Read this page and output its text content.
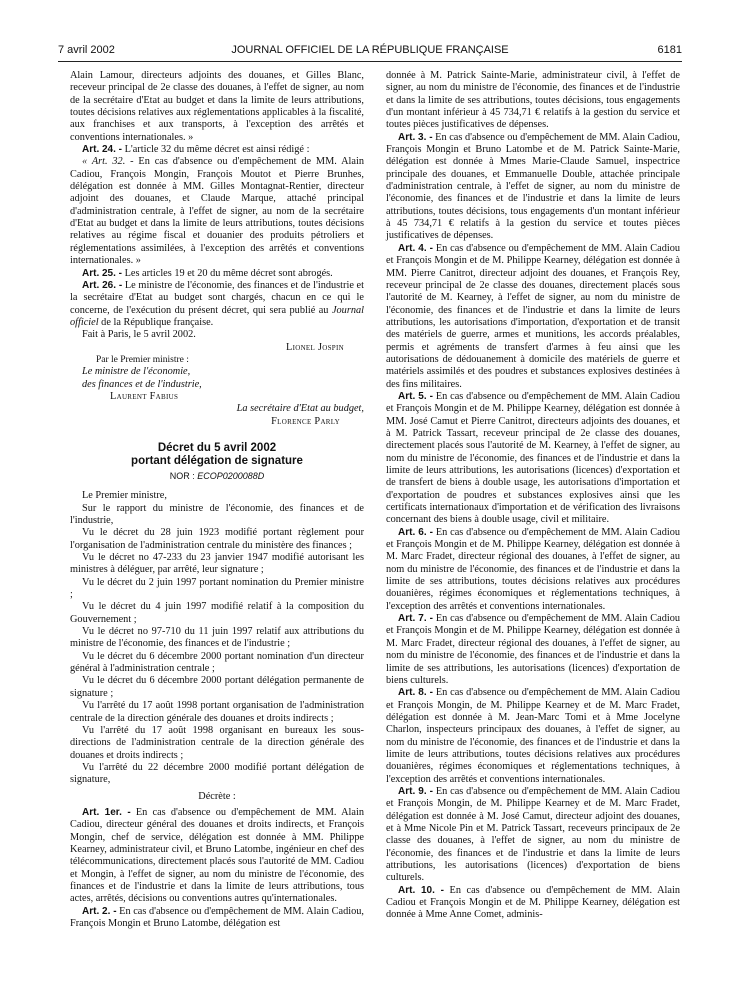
7 avril 2002	JOURNAL OFFICIEL DE LA RÉPUBLIQUE FRANÇAISE	6181

Alain Lamour, directeurs adjoints des douanes, et Gilles Blanc, receveur principal de 2e classe des douanes, à l'effet de signer, au nom de la secrétaire d'Etat au budget et dans la limite de leurs attributions, toutes décisions relatives aux réglementations applicables à la fiscalité, aux franchises et aux transports, à l'exception des arrêtés et conventions internationales. »

Art. 24. - L'article 32 du même décret est ainsi rédigé :

« Art. 32. - En cas d'absence ou d'empêchement de MM. Alain Cadiou, François Mongin, François Moutot et Pierre Brunhes, délégation est donnée à MM. Gilles Montagnat-Rentier, directeur adjoint des douanes, et Claude Marque, attaché principal d'administration centrale, à l'effet de signer, au nom de la secrétaire d'Etat au budget et dans la limite de leurs attributions, toutes décisions relatives au régime fiscal et douanier des produits pétroliers et réglementations assimilées, à l'exception des arrêtés et conventions internationales. »

Art. 25. - Les articles 19 et 20 du même décret sont abrogés.

Art. 26. - Le ministre de l'économie, des finances et de l'industrie et la secrétaire d'Etat au budget sont chargés, chacun en ce qui le concerne, de l'exécution du présent décret, qui sera publié au Journal officiel de la République française.

Fait à Paris, le 5 avril 2002.

Lionel Jospin

Par le Premier ministre :

Le ministre de l'économie,

des finances et de l'industrie,

Laurent Fabius

La secrétaire d'Etat au budget,

Florence Parly

Décret du 5 avril 2002
portant délégation de signature
NOR : ECOP0200088D

Le Premier ministre,

Sur le rapport du ministre de l'économie, des finances et de l'industrie,

Vu le décret du 28 juin 1923 modifié portant règlement pour l'organisation de l'administration centrale du ministère des finances ;

Vu le décret no 47-233 du 23 janvier 1947 modifié autorisant les ministres à déléguer, par arrêté, leur signature ;

Vu le décret du 2 juin 1997 portant nomination du Premier ministre ;

Vu le décret du 4 juin 1997 modifié relatif à la composition du Gouvernement ;

Vu le décret no 97-710 du 11 juin 1997 relatif aux attributions du ministre de l'économie, des finances et de l'industrie ;

Vu le décret du 6 décembre 2000 portant nomination d'un directeur général à l'administration centrale ;

Vu le décret du 6 décembre 2000 portant délégation permanente de signature ;

Vu l'arrêté du 17 août 1998 portant organisation de l'administration centrale de la direction générale des douanes et droits indirects ;

Vu l'arrêté du 17 août 1998 organisant en bureaux les sous-directions de l'administration centrale de la direction générale des douanes et droits indirects ;

Vu l'arrêté du 22 décembre 2000 modifié portant délégation de signature,

Décrète :

Art. 1er. - En cas d'absence ou d'empêchement de MM. Alain Cadiou, directeur général des douanes et droits indirects, et François Mongin, chef de service, délégation est donnée à MM. Philippe Kearney, administrateur civil, et Bruno Latombe, ingénieur en chef des télécommunications, directement placés sous l'autorité de MM. Cadiou et Mongin, à l'effet de signer, au nom du ministre de l'économie, des finances et de l'industrie et dans la limite de leurs attributions, tous actes, arrêtés, décisions ou conventions autres qu'internationales.

Art. 2. - En cas d'absence ou d'empêchement de MM. Alain Cadiou, François Mongin et Bruno Latombe, délégation est

donnée à M. Patrick Sainte-Marie, administrateur civil, à l'effet de signer, au nom du ministre de l'économie, des finances et de l'industrie et dans la limite de ses attributions, toutes décisions, tous engagements d'un montant inférieur à 45 734,71 € relatifs à la gestion du service et toutes pièces justificatives de dépenses.

Art. 3. - En cas d'absence ou d'empêchement de MM. Alain Cadiou, François Mongin et Bruno Latombe et de M. Patrick Sainte-Marie, délégation est donnée à Mmes Marie-Claude Samuel, inspectrice principale des douanes, et Emmanuelle Double, attachée principale d'administration centrale, à l'effet de signer, au nom du ministre de l'économie, des finances et de l'industrie et dans la limite de leurs attributions, toutes décisions, tous engagements d'un montant inférieur à 45 734,71 € relatifs à la gestion du service et toutes pièces justificatives de dépenses.

Art. 4. - En cas d'absence ou d'empêchement de MM. Alain Cadiou et François Mongin et de M. Philippe Kearney, délégation est donnée à MM. Pierre Canitrot, directeur adjoint des douanes, et François Rey, receveur principal de 2e classe des douanes, directement placés sous l'autorité de M. Kearney, à l'effet de signer, au nom du ministre de l'économie, des finances et de l'industrie et dans la limite de leurs attributions, les autorisations d'importation, d'exportation et de transit des matériels de guerre, armes et munitions, les accords préalables, permis et agréments de transfert d'armes à feu ainsi que les autorisations de dédouanement à domicile des matériels de guerre et matériels assimilés et des poudres et substances explosives destinées à des fins militaires.

Art. 5. - En cas d'absence ou d'empêchement de MM. Alain Cadiou et François Mongin et de M. Philippe Kearney, délégation est donnée à MM. José Camut et Pierre Canitrot, directeurs adjoints des douanes, et à M. Patrick Tassart, receveur principal de 2e classe des douanes, directement placés sous l'autorité de M. Kearney, à l'effet de signer, au nom du ministre de l'économie, des finances et de l'industrie et dans la limite de leurs attributions, les autorisations (licences) d'exportation et de transfert de biens à double usage, les autorisations d'importation et d'exportation de poudres et substances explosives ainsi que les certificats internationaux d'importation et de vérification des livraisons concernant des biens à double usage, civil et militaire.

Art. 6. - En cas d'absence ou d'empêchement de MM. Alain Cadiou et François Mongin et de M. Philippe Kearney, délégation est donnée à M. Marc Fradet, directeur régional des douanes, à l'effet de signer, au nom du ministre de l'économie, des finances et de l'industrie et dans la limite de ses attributions, toutes décisions relatives aux procédures douanières, régimes économiques et réglementations techniques, à l'exception des arrêtés et conventions internationales.

Art. 7. - En cas d'absence ou d'empêchement de MM. Alain Cadiou et François Mongin et de M. Philippe Kearney, délégation est donnée à M. Marc Fradet, directeur régional des douanes, à l'effet de signer, au nom du ministre de l'économie, des finances et de l'industrie et dans la limite de ses attributions, les autorisations (licences) d'exportation de biens culturels.

Art. 8. - En cas d'absence ou d'empêchement de MM. Alain Cadiou et François Mongin, de M. Philippe Kearney et de M. Marc Fradet, délégation est donnée à M. Jean-Marc Tomi et à Mme Jocelyne Charlon, inspecteurs principaux des douanes, à l'effet de signer, au nom du ministre de l'économie, des finances et de l'industrie et dans la limite de leurs attributions, toutes décisions relatives aux procédures douanières, régimes économiques et réglementations techniques, à l'exception des arrêtés et conventions internationales.

Art. 9. - En cas d'absence ou d'empêchement de MM. Alain Cadiou et François Mongin, de M. Philippe Kearney et de M. Marc Fradet, délégation est donnée à M. José Camut, directeur adjoint des douanes, et à Mme Nicole Pin et M. Patrick Tassart, receveurs principaux de 2e classe des douanes, à l'effet de signer, au nom du ministre de l'économie, des finances et de l'industrie et dans la limite de leurs attributions, les autorisations (licences) d'exportation de biens culturels.

Art. 10. - En cas d'absence ou d'empêchement de MM. Alain Cadiou et François Mongin et de M. Philippe Kearney, délégation est donnée à Mme Anne Comet, adminis-
